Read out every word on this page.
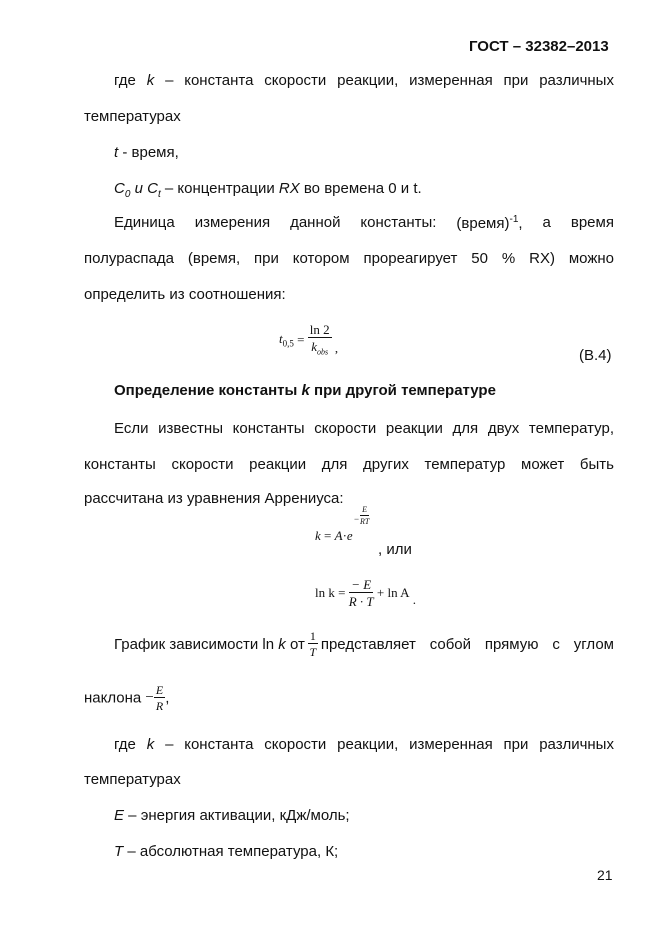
ГОСТ – 32382–2013
где k – константа скорости реакции, измеренная при различных
температурах
t - время,
$C_0$ и $C_t$ – концентрации RX во времена 0 и t.
Единица измерения данной константы: (время)$^{-1}$, а время
полураспада (время, при котором прореагирует 50 % RX) можно
определить из соотношения:
$t_{0,5} = \frac{\ln 2}{k_{obs}}$ ,	(В.4)
Определение константы k при другой температуре
Если известны константы скорости реакции для двух температур,
константы скорости реакции для других температур может быть
рассчитана из уравнения Аррениуса:
k = A·e
− $\frac{E}{RT}$
, или
$\ln k = \frac{- E}{R \cdot T} + \ln A$ .
График зависимости ln k от $\frac{1}{T}$ представляет собой прямую с углом
наклона − $\frac{E}{R}$ ,
где k – константа скорости реакции, измеренная при различных
температурах
E – энергия активации, кДж/моль;
T – абсолютная температура, К;
21
